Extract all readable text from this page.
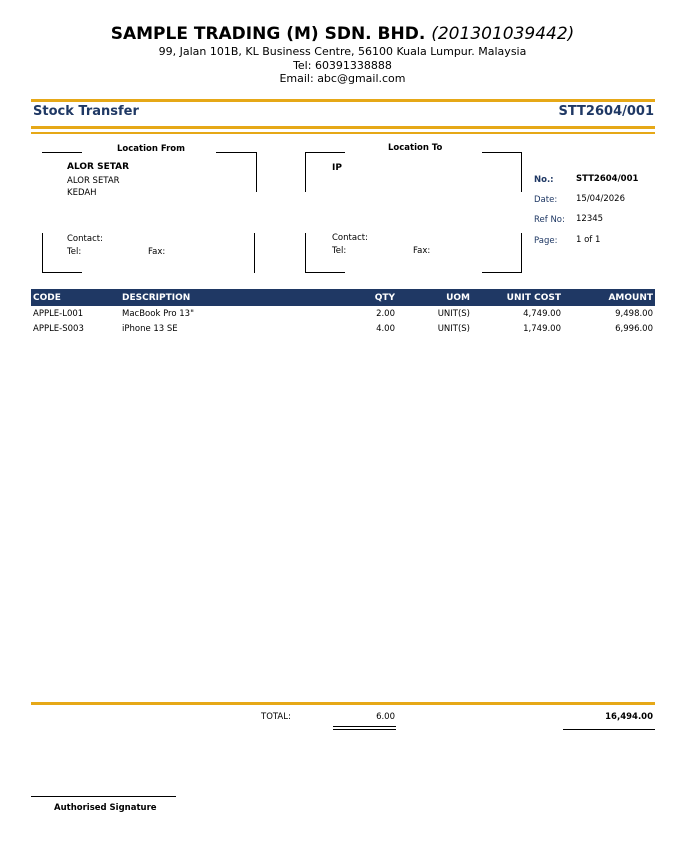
SAMPLE TRADING (M) SDN. BHD. (201301039442)
99, Jalan 101B, KL Business Centre, 56100 Kuala Lumpur. Malaysia
Tel: 60391338888
Email: abc@gmail.com
Stock Transfer	STT2604/001
Location From
ALOR SETAR
ALOR SETAR
KEDAH
Contact:
Tel:	Fax:
Location To
IP
Contact:
Tel:	Fax:
No.:	STT2604/001
Date: 15/04/2026
Ref No: 12345
Page: 1 of 1
CODE	DESCRIPTION	QTY	UOM	UNIT COST	AMOUNT
APPLE-L001	MacBook Pro 13"	2.00	UNIT(S)	4,749.00	9,498.00
APPLE-S003	iPhone 13 SE	4.00	UNIT(S)	1,749.00	6,996.00
TOTAL:	6.00	16,494.00
Authorised Signature
